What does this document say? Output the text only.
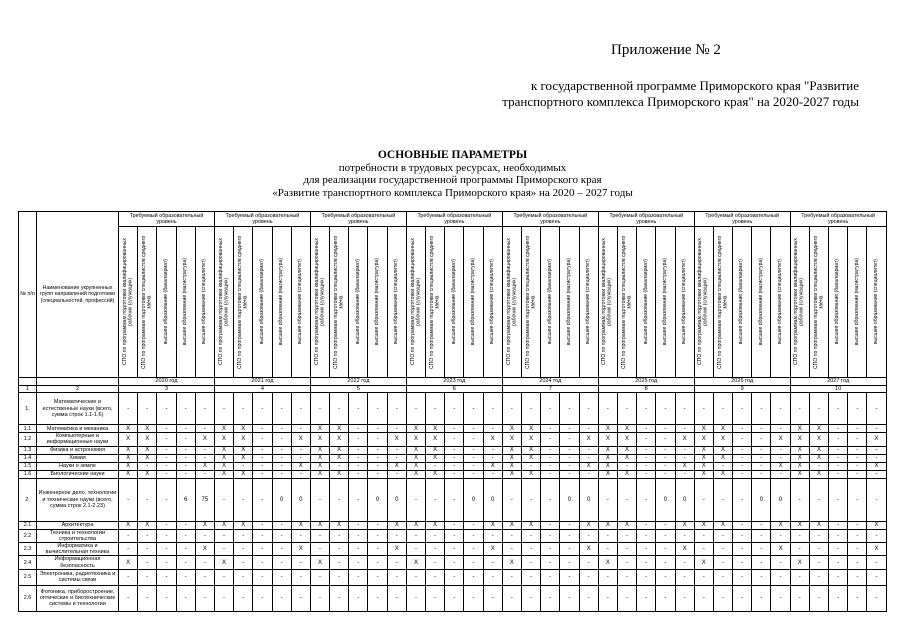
Приложение № 2
к государственной программе Приморского края "Развитие
транспортного комплекса Приморского края" на 2020-2027 годы
ОСНОВНЫЕ ПАРАМЕТРЫ
потребности в трудовых ресурсах, необходимых
для реализации государственной программы Приморского края
«Развитие транспортного комплекса Приморского края» на 2020 – 2027 годы
№ п/п	Наименование укрупненных групп направлений подготовки (специальностей, профессий)	Требуемый образовательный уровень					Требуемый образовательный уровень					Требуемый образовательный уровень					Требуемый образовательный уровень					Требуемый образовательный уровень					Требуемый образовательный уровень					Требуемый образовательный уровень					Требуемый образовательный уровень				

		СПО по программам подготовки квалифицированных рабочих (служащих)	СПО по программам подготовки специалистов среднего звена	высшее образование (бакалавриат)	высшее образование (магистратура)	высшее образование (специалитет)	СПО по программам подготовки квалифицированных рабочих (служащих)	СПО по программам подготовки специалистов среднего звена	высшее образование (бакалавриат)	высшее образование (магистратура)	высшее образование (специалитет)	СПО по программам подготовки квалифицированных рабочих (служащих)	СПО по программам подготовки специалистов среднего звена	высшее образование (бакалавриат)	высшее образование (магистратура)	высшее образование (специалитет)	СПО по программам подготовки квалифицированных рабочих (служащих)	СПО по программам подготовки специалистов среднего звена	высшее образование (бакалавриат)	высшее образование (магистратура)	высшее образование (специалитет)	СПО по программам подготовки квалифицированных рабочих (служащих)	СПО по программам подготовки специалистов среднего звена	высшее образование (бакалавриат)	высшее образование (магистратура)	высшее образование (специалитет)	СПО по программам подготовки квалифицированных рабочих (служащих)	СПО по программам подготовки специалистов среднего звена	высшее образование (бакалавриат)	высшее образование (магистратура)	высшее образование (специалитет)	СПО по программам подготовки квалифицированных рабочих (служащих)	СПО по программам подготовки специалистов среднего звена	высшее образование (бакалавриат)	высшее образование (магистратура)	высшее образование (специалитет)	СПО по программам подготовки квалифицированных рабочих (служащих)	СПО по программам подготовки специалистов среднего звена	высшее образование (бакалавриат)	высшее образование (магистратура)	высшее образование (специалитет)

		2020 год					2021 год					2022 год					2023 год					2024 год					2025 год					2026 год					2027 год				
1	2	3					4					5					6					7					8					9					10				
1.	Математические и естественные науки (всего, сумма строк 1.1-1.6)	-	-	-	-	-	-	-	-	-	-	-	-	-	-	-	-	-	-	-	-	-	-	-	-	-	-	-	-	-	-	-	-	-	-	-	-	-	-	-	-
1.1	Математика и механика	X	X	-	-	-	X	X	-	-	-	X	X	-	-	-	X	X	-	-	-	X	X	-	-	-	X	X	-	-	-	X	X	-	-	-	X	X	-	-	-
1.2	Компьютерные и информационные науки	X	X	-	-	X	X	X	-	-	X	X	X	-	-	X	X	X	-	-	X	X	X	-	-	X	X	X	-	-	X	X	X	-	-	X	X	X	-	-	X
1.3	Физика и астрономия	X	X	-	-	-	X	X	-	-	-	X	X	-	-	-	X	X	-	-	-	X	X	-	-	-	X	X	-	-	-	X	X	-	-	-	X	X	-	-	-
1.4	Химия	X	X	-	-	-	X	X	-	-	-	X	X	-	-	-	X	X	-	-	-	X	X	-	-	-	X	X	-	-	-	X	X	-	-	-	X	X	-	-	-
1.5	Науки о земле	X	-	-	-	X	X	-	-	-	X	X	-	-	-	X	X	-	-	-	X	X	-	-	-	X	X	-	-	-	X	X	-	-	-	X	X	-	-	-	X
1.6	Биологические науки	X	X	-	-	-	X	X	-	-	-	X	X	-	-	-	X	X	-	-	-	X	X	-	-	-	X	X	-	-	-	X	X	-	-	-	X	X	-	-	-
2.	Инженерное дело, технологии и технические науки (всего, сумма строк 2.1-2.23)	-	-	-	6	75	-	-	-	0	0	-	-	-	0	0	-	-	-	0	0	-	-	-	0	0	-	-	-	0	0	-	-	-	0	0	-	-	-	-	-
2.1	Архитектура	X	X	-	-	X	X	X	-	-	X	X	X	-	-	X	X	X	-	-	X	X	X	-	-	X	X	X	-	-	X	X	X	-	-	X	X	X	-	-	X
2.2	Техника и технологии строительства	-	-	-	-	-	-	-	-	-	-	-	-	-	-	-	-	-	-	-	-	-	-	-	-	-	-	-	-	-	-	-	-	-	-	-	-	-	-	-	-
2.3	Информатика и вычислительная техника	-	-	-	-	X	-	-	-	-	X	-	-	-	-	X	-	-	-	-	X	-	-	-	-	X	-	-	-	-	X	-	-	-	-	X	-	-	-	-	X
2.4	Информационная безопасность	X	-	-	-	-	X	-	-	-	-	X	-	-	-	-	X	-	-	-	-	X	-	-	-	-	X	-	-	-	-	X	-	-	-	-	X	-	-	-	-
2.5	Электроника, радиотехника и системы связи	-	-	-	-	-	-	-	-	-	-	-	-	-	-	-	-	-	-	-	-	-	-	-	-	-	-	-	-	-	-	-	-	-	-	-	-	-	-	-	-
2.6	Фотоника, приборостроение, оптические и биотехнические системы и технологии	-	-	-	-	-	-	-	-	-	-	-	-	-	-	-	-	-	-	-	-	-	-	-	-	-	-	-	-	-	-	-	-	-	-	-	-	-	-	-	-
